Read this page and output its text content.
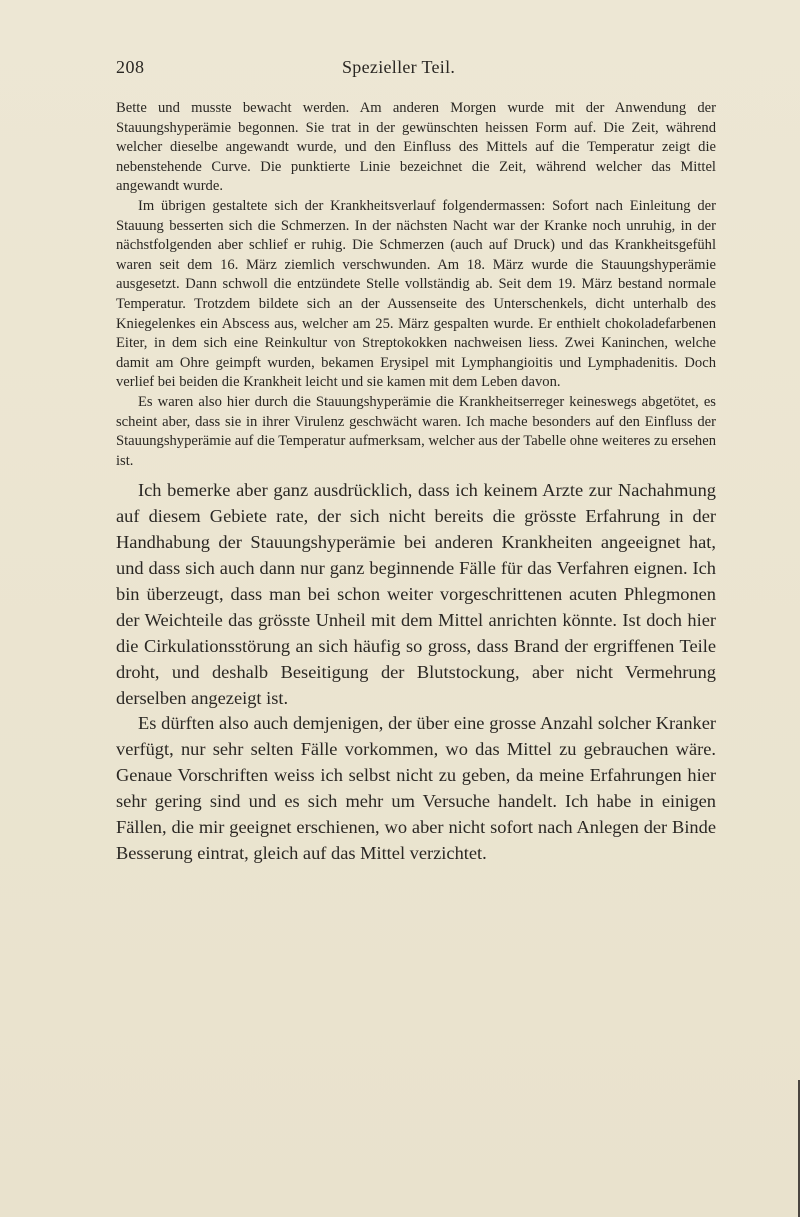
208	Spezieller Teil.

Bette und musste bewacht werden. Am anderen Morgen wurde mit der Anwendung der Stauungshyperämie begonnen. Sie trat in der gewünschten heissen Form auf. Die Zeit, während welcher dieselbe angewandt wurde, und den Einfluss des Mittels auf die Temperatur zeigt die nebenstehende Curve. Die punktierte Linie bezeichnet die Zeit, während welcher das Mittel angewandt wurde.

Im übrigen gestaltete sich der Krankheitsverlauf folgendermassen: Sofort nach Einleitung der Stauung besserten sich die Schmerzen. In der nächsten Nacht war der Kranke noch unruhig, in der nächstfolgenden aber schlief er ruhig. Die Schmerzen (auch auf Druck) und das Krankheitsgefühl waren seit dem 16. März ziemlich verschwunden. Am 18. März wurde die Stauungshyperämie ausgesetzt. Dann schwoll die entzündete Stelle vollständig ab. Seit dem 19. März bestand normale Temperatur. Trotzdem bildete sich an der Aussenseite des Unterschenkels, dicht unterhalb des Kniegelenkes ein Abscess aus, welcher am 25. März gespalten wurde. Er enthielt chokoladefarbenen Eiter, in dem sich eine Reinkultur von Streptokokken nachweisen liess. Zwei Kaninchen, welche damit am Ohre geimpft wurden, bekamen Erysipel mit Lymphangioitis und Lymphadenitis. Doch verlief bei beiden die Krankheit leicht und sie kamen mit dem Leben davon.

Es waren also hier durch die Stauungshyperämie die Krankheitserreger keineswegs abgetötet, es scheint aber, dass sie in ihrer Virulenz geschwächt waren. Ich mache besonders auf den Einfluss der Stauungshyperämie auf die Temperatur aufmerksam, welcher aus der Tabelle ohne weiteres zu ersehen ist.

Ich bemerke aber ganz ausdrücklich, dass ich keinem Arzte zur Nachahmung auf diesem Gebiete rate, der sich nicht bereits die grösste Erfahrung in der Handhabung der Stauungshyperämie bei anderen Krankheiten angeeignet hat, und dass sich auch dann nur ganz beginnende Fälle für das Verfahren eignen. Ich bin überzeugt, dass man bei schon weiter vorgeschrittenen acuten Phlegmonen der Weichteile das grösste Unheil mit dem Mittel anrichten könnte. Ist doch hier die Cirkulationsstörung an sich häufig so gross, dass Brand der ergriffenen Teile droht, und deshalb Beseitigung der Blutstockung, aber nicht Vermehrung derselben angezeigt ist.

Es dürften also auch demjenigen, der über eine grosse Anzahl solcher Kranker verfügt, nur sehr selten Fälle vorkommen, wo das Mittel zu gebrauchen wäre. Genaue Vorschriften weiss ich selbst nicht zu geben, da meine Erfahrungen hier sehr gering sind und es sich mehr um Versuche handelt. Ich habe in einigen Fällen, die mir geeignet erschienen, wo aber nicht sofort nach Anlegen der Binde Besserung eintrat, gleich auf das Mittel verzichtet.
